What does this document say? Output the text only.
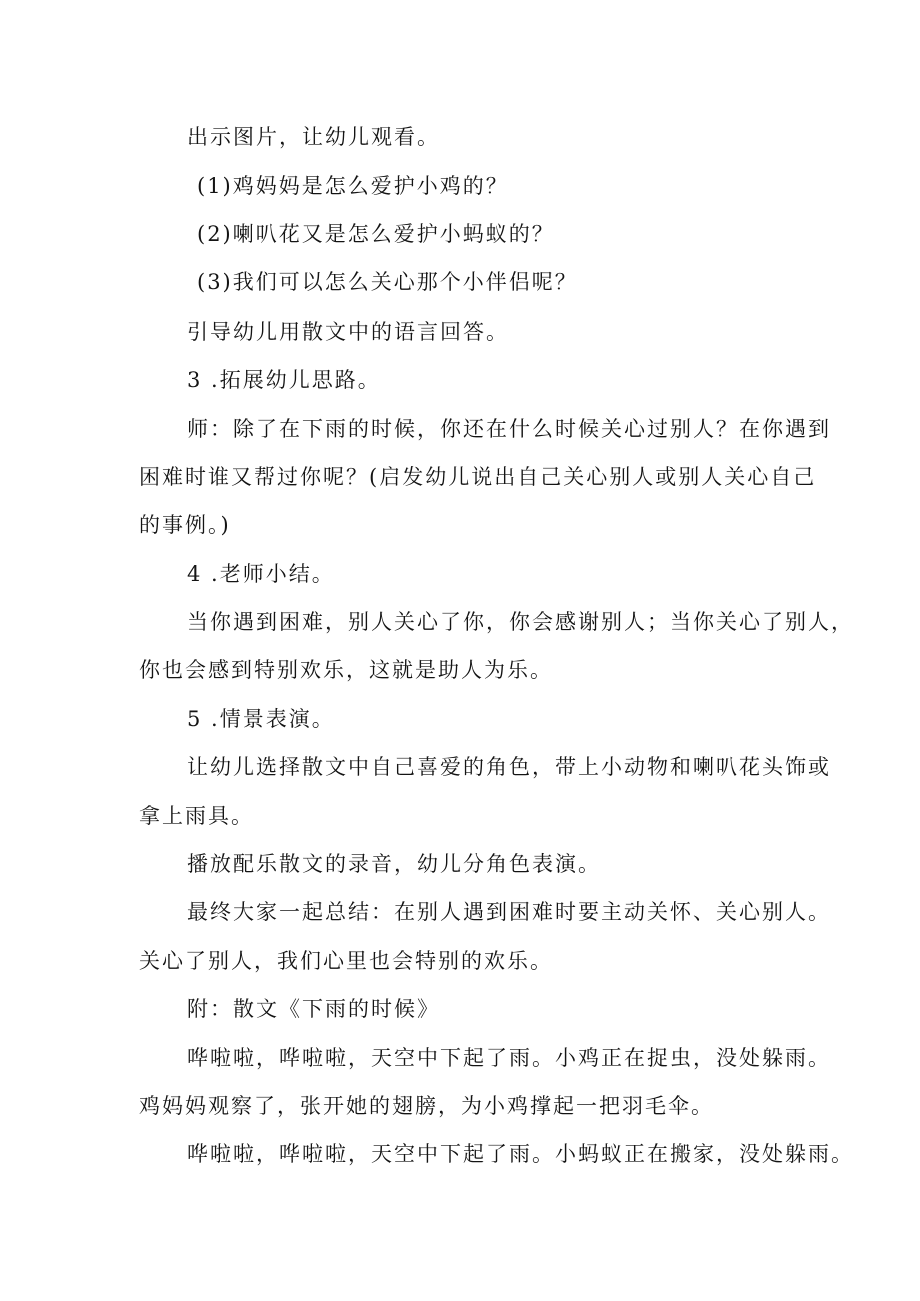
出示图片，让幼儿观看。
(1)鸡妈妈是怎么爱护小鸡的？
(2)喇叭花又是怎么爱护小蚂蚁的？
(3)我们可以怎么关心那个小伴侣呢？
引导幼儿用散文中的语言回答。
3 .拓展幼儿思路。
师：除了在下雨的时候，你还在什么时候关心过别人？在你遇到
困难时谁又帮过你呢？(启发幼儿说出自己关心别人或别人关心自己
的事例。)
4 .老师小结。
当你遇到困难，别人关心了你，你会感谢别人；当你关心了别人，
你也会感到特别欢乐，这就是助人为乐。
5 .情景表演。
让幼儿选择散文中自己喜爱的角色，带上小动物和喇叭花头饰或
拿上雨具。
播放配乐散文的录音，幼儿分角色表演。
最终大家一起总结：在别人遇到困难时要主动关怀、关心别人。
关心了别人，我们心里也会特别的欢乐。
附：散文《下雨的时候》
哗啦啦，哗啦啦，天空中下起了雨。小鸡正在捉虫，没处躲雨。
鸡妈妈观察了，张开她的翅膀，为小鸡撑起一把羽毛伞。
哗啦啦，哗啦啦，天空中下起了雨。小蚂蚁正在搬家，没处躲雨。
